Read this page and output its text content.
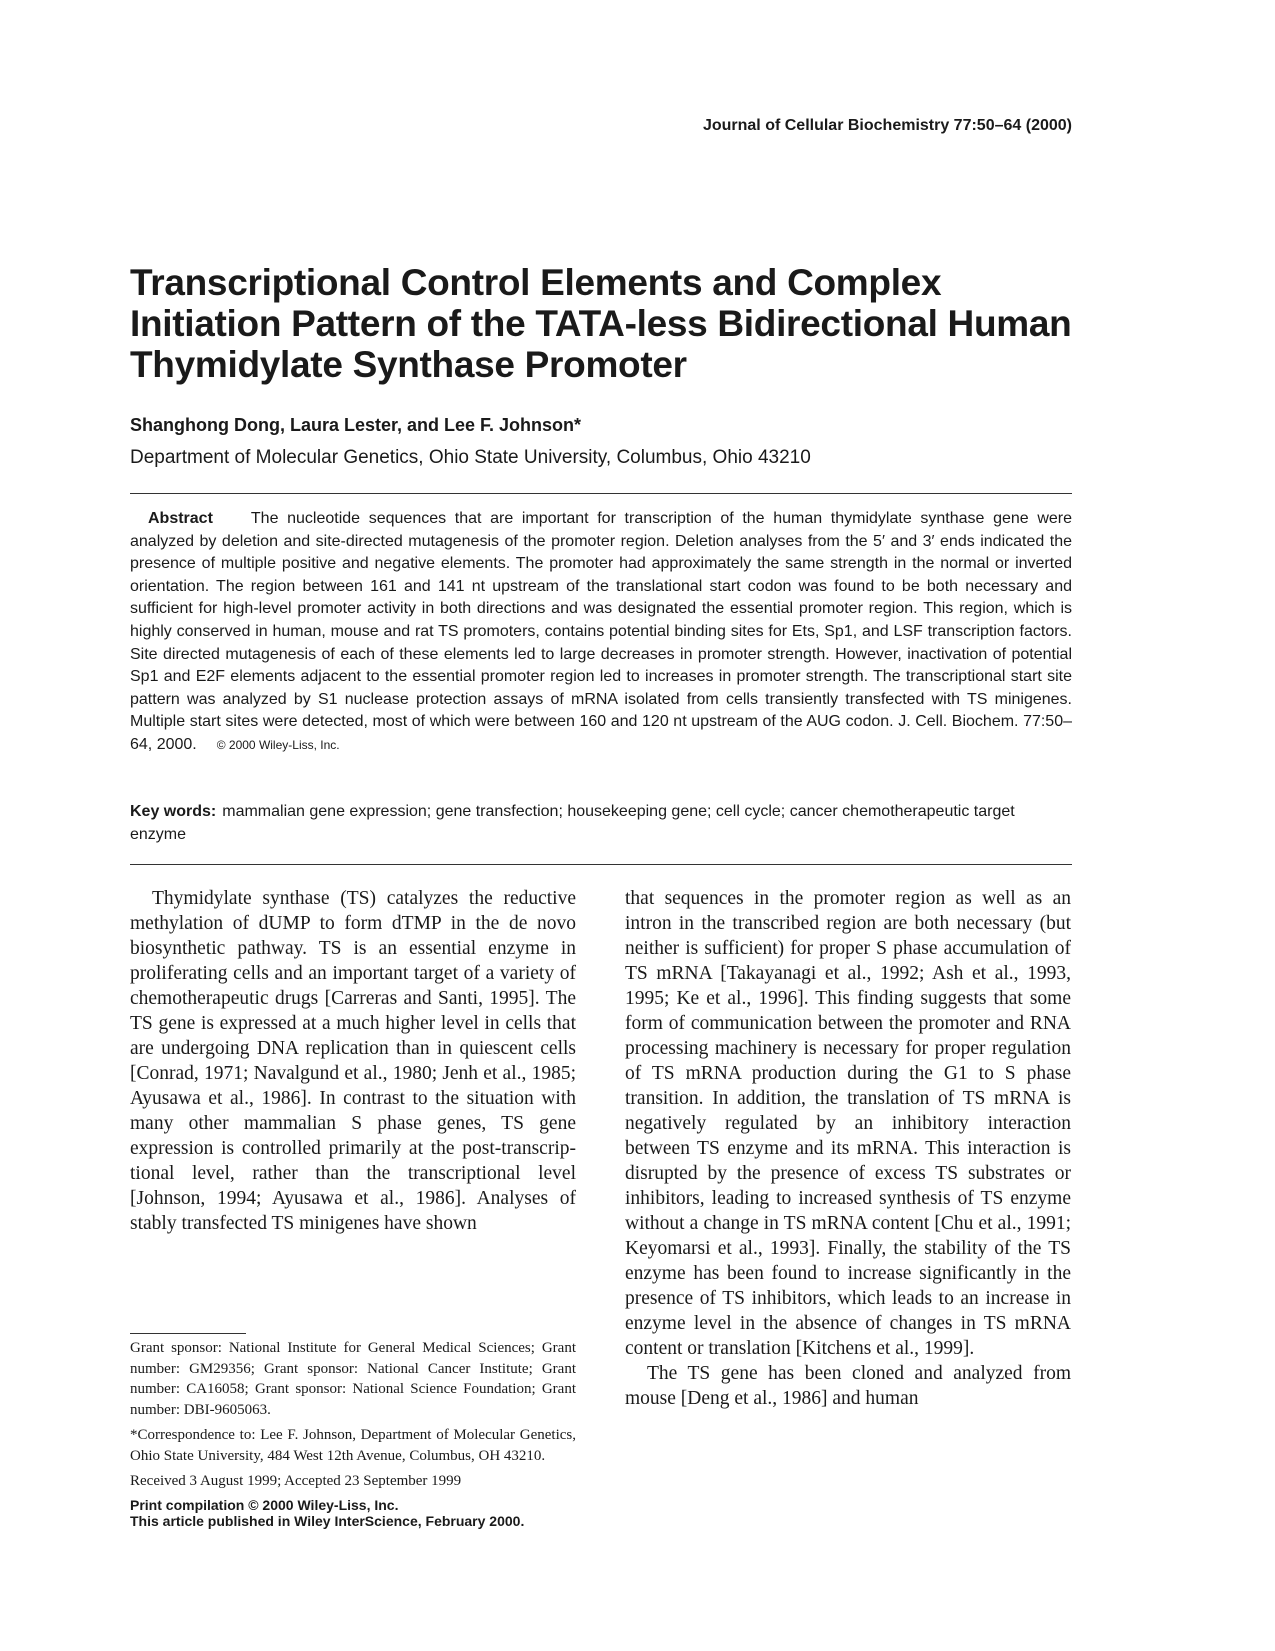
Journal of Cellular Biochemistry 77:50–64 (2000)
Transcriptional Control Elements and Complex Initiation Pattern of the TATA-less Bidirectional Human Thymidylate Synthase Promoter
Shanghong Dong, Laura Lester, and Lee F. Johnson*
Department of Molecular Genetics, Ohio State University, Columbus, Ohio 43210

Abstract The nucleotide sequences that are important for transcription of the human thymidylate synthase gene were analyzed by deletion and site-directed mutagenesis of the promoter region. Deletion analyses from the 5′ and 3′ ends indicated the presence of multiple positive and negative elements. The promoter had approximately the same strength in the normal or inverted orientation. The region between 161 and 141 nt upstream of the translational start codon was found to be both necessary and sufficient for high-level promoter activity in both directions and was designated the essential promoter region. This region, which is highly conserved in human, mouse and rat TS promoters, contains potential binding sites for Ets, Sp1, and LSF transcription factors. Site directed mutagenesis of each of these elements led to large decreases in promoter strength. However, inactivation of potential Sp1 and E2F elements adjacent to the essential promoter region led to increases in promoter strength. The transcriptional start site pattern was analyzed by S1 nuclease protection assays of mRNA isolated from cells transiently transfected with TS minigenes. Multiple start sites were detected, most of which were between 160 and 120 nt upstream of the AUG codon. J. Cell. Biochem. 77:50–64, 2000. © 2000 Wiley-Liss, Inc.

Key words: mammalian gene expression; gene transfection; housekeeping gene; cell cycle; cancer chemotherapeutic target enzyme

Thymidylate synthase (TS) catalyzes the reductive methylation of dUMP to form dTMP in the de novo biosynthetic pathway. TS is an essential enzyme in proliferating cells and an important target of a variety of chemotherapeutic drugs [Carreras and Santi, 1995]. The TS gene is expressed at a much higher level in cells that are undergoing DNA replication than in quiescent cells [Conrad, 1971; Navalgund et al., 1980; Jenh et al., 1985; Ayusawa et al., 1986]. In contrast to the situation with many other mammalian S phase genes, TS gene expression is controlled primarily at the post-transcriptional level, rather than the transcriptional level [Johnson, 1994; Ayusawa et al., 1986]. Analyses of stably transfected TS minigenes have shown

that sequences in the promoter region as well as an intron in the transcribed region are both necessary (but neither is sufficient) for proper S phase accumulation of TS mRNA [Takayanagi et al., 1992; Ash et al., 1993, 1995; Ke et al., 1996]. This finding suggests that some form of communication between the promoter and RNA processing machinery is necessary for proper regulation of TS mRNA production during the G1 to S phase transition. In addition, the translation of TS mRNA is negatively regulated by an inhibitory interaction between TS enzyme and its mRNA. This interaction is disrupted by the presence of excess TS substrates or inhibitors, leading to increased synthesis of TS enzyme without a change in TS mRNA content [Chu et al., 1991; Keyomarsi et al., 1993]. Finally, the stability of the TS enzyme has been found to increase significantly in the presence of TS inhibitors, which leads to an increase in enzyme level in the absence of changes in TS mRNA content or translation [Kitchens et al., 1999].

The TS gene has been cloned and analyzed from mouse [Deng et al., 1986] and human

Grant sponsor: National Institute for General Medical Sciences; Grant number: GM29356; Grant sponsor: National Cancer Institute; Grant number: CA16058; Grant sponsor: National Science Foundation; Grant number: DBI-9605063.

*Correspondence to: Lee F. Johnson, Department of Molecular Genetics, Ohio State University, 484 West 12th Avenue, Columbus, OH 43210.

Received 3 August 1999; Accepted 23 September 1999

Print compilation © 2000 Wiley-Liss, Inc.

This article published in Wiley InterScience, February 2000.
